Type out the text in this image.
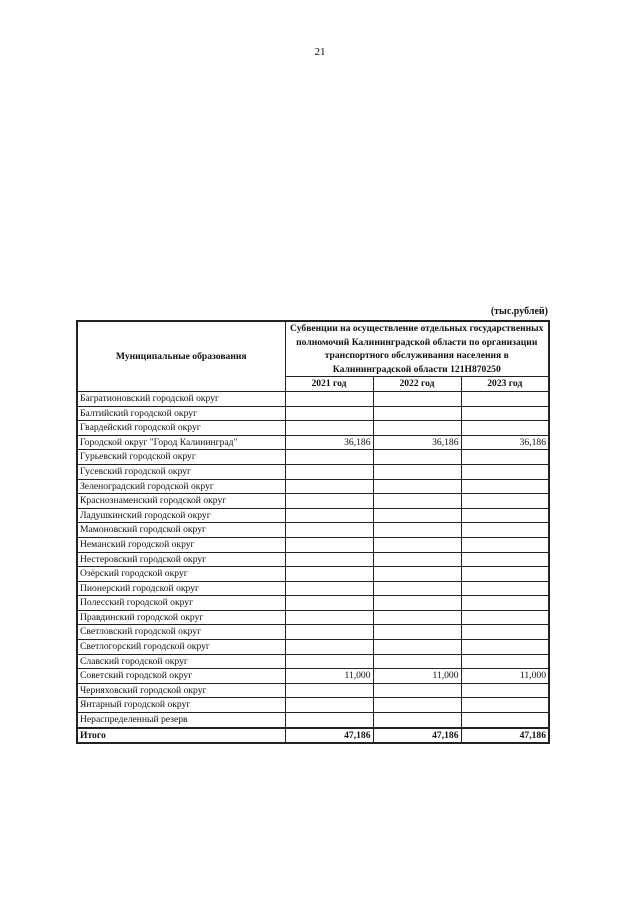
21
(тыс.рублей)
Муниципальные образования	Субвенции на осуществление отдельных государственных полномочий Калининградской области по организации транспортного обслуживания населения в Калининградской области 121Н870250		
	2021 год	2022 год	2023 год
Багратионовский городской округ			
Балтийский городской округ			
Гвардейский городской округ			
Городской округ "Город Калининград"	36,186	36,186	36,186
Гурьевский городской округ			
Гусевский городской округ			
Зеленоградский городской округ			
Краснознаменский городской округ			
Ладушкинский городской округ			
Мамоновский городской округ			
Неманский городской округ			
Нестеровский городской округ			
Озёрский городской округ			
Пионерский городской округ			
Полесский городской округ			
Правдинский городской округ			
Светловский городской округ			
Светлогорский городской округ			
Славский городской округ			
Советский городской округ	11,000	11,000	11,000
Черняховский городской округ			
Янтарный городской округ			
Нераспределенный резерв			
Итого	47,186	47,186	47,186
